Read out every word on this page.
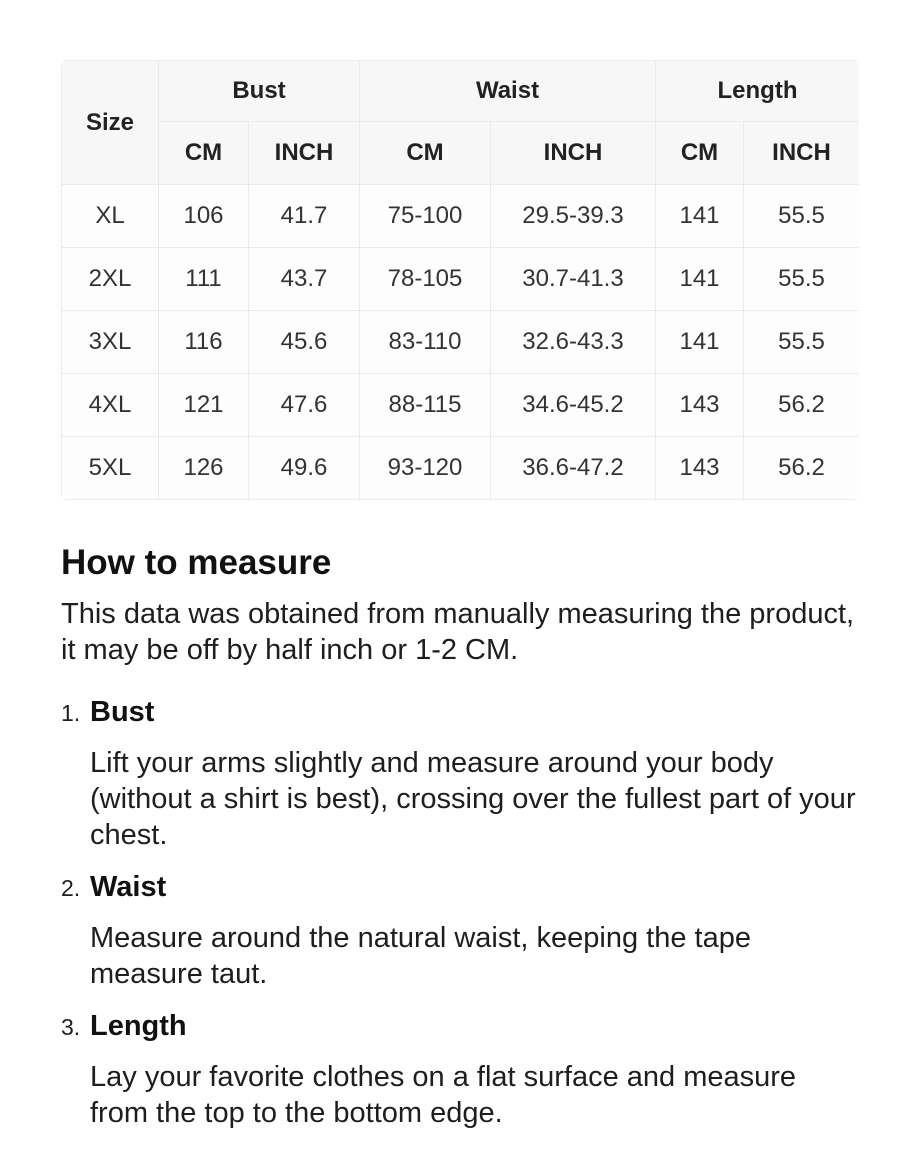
Size	Bust		Waist		Length	
	CM	INCH	CM	INCH	CM	INCH
XL	106	41.7	75-100	29.5-39.3	141	55.5
2XL	111	43.7	78-105	30.7-41.3	141	55.5
3XL	116	45.6	83-110	32.6-43.3	141	55.5
4XL	121	47.6	88-115	34.6-45.2	143	56.2
5XL	126	49.6	93-120	36.6-47.2	143	56.2
How to measure

This data was obtained from manually measuring the product, it may be off by half inch or 1-2 CM.

1. Bust

Lift your arms slightly and measure around your body (without a shirt is best), crossing over the fullest part of your chest.

2. Waist

Measure around the natural waist, keeping the tape measure taut.

3. Length

Lay your favorite clothes on a flat surface and measure from the top to the bottom edge.
